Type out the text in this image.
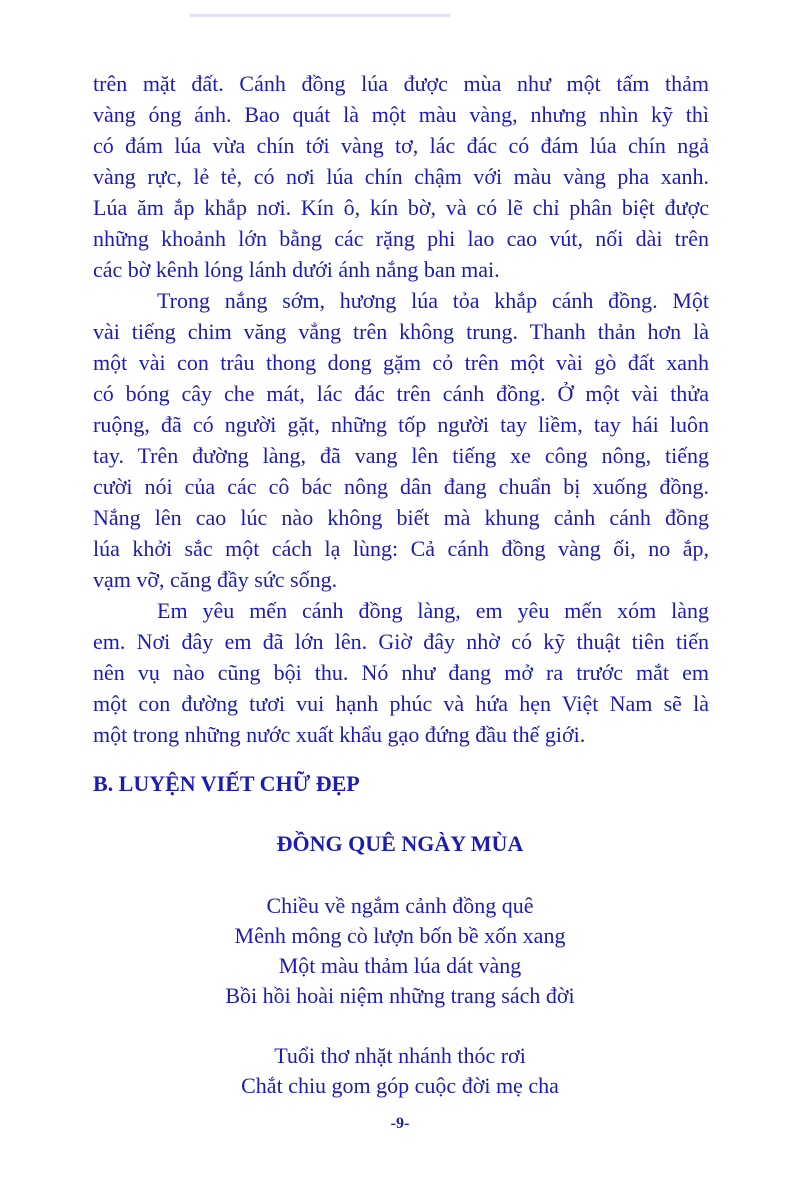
trên mặt đất. Cánh đồng lúa được mùa như một tấm thảm
vàng óng ánh. Bao quát là một màu vàng, nhưng nhìn kỹ thì
có đám lúa vừa chín tới vàng tơ, lác đác có đám lúa chín ngả
vàng rực, lẻ tẻ, có nơi lúa chín chậm với màu vàng pha xanh.
Lúa ăm ắp khắp nơi. Kín ô, kín bờ, và có lẽ chỉ phân biệt được
những khoảnh lớn bằng các rặng phi lao cao vút, nối dài trên
các bờ kênh lóng lánh dưới ánh nắng ban mai.
Trong nắng sớm, hương lúa tỏa khắp cánh đồng. Một
vài tiếng chim văng vẳng trên không trung. Thanh thản hơn là
một vài con trâu thong dong gặm cỏ trên một vài gò đất xanh
có bóng cây che mát, lác đác trên cánh đồng. Ở một vài thửa
ruộng, đã có người gặt, những tốp người tay liềm, tay hái luôn
tay. Trên đường làng, đã vang lên tiếng xe công nông, tiếng
cười nói của các cô bác nông dân đang chuẩn bị xuống đồng.
Nắng lên cao lúc nào không biết mà khung cảnh cánh đồng
lúa khởi sắc một cách lạ lùng: Cả cánh đồng vàng ối, no ắp,
vạm vỡ, căng đầy sức sống.
Em yêu mến cánh đồng làng, em yêu mến xóm làng
em. Nơi đây em đã lớn lên. Giờ đây nhờ có kỹ thuật tiên tiến
nên vụ nào cũng bội thu. Nó như đang mở ra trước mắt em
một con đường tươi vui hạnh phúc và hứa hẹn Việt Nam sẽ là
một trong những nước xuất khẩu gạo đứng đầu thế giới.
B. LUYỆN VIẾT CHỮ ĐẸP
ĐỒNG QUÊ NGÀY MÙA
Chiều về ngắm cảnh đồng quê
Mênh mông cò lượn bốn bề xốn xang
Một màu thảm lúa dát vàng
Bồi hồi hoài niệm những trang sách đời
Tuổi thơ nhặt nhánh thóc rơi
Chắt chiu gom góp cuộc đời mẹ cha
-9-
